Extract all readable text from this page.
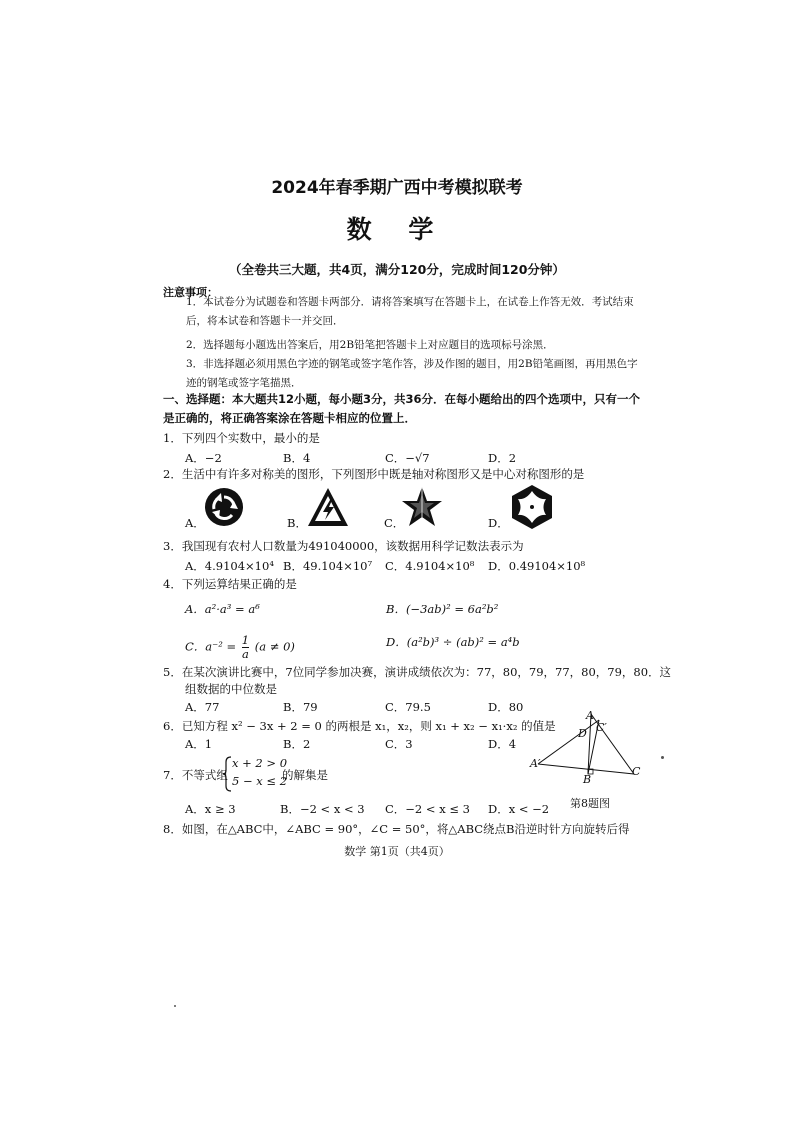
2024年春季期广西中考模拟联考
数 学
（全卷共三大题，共4页，满分120分，完成时间120分钟）
注意事项：
1．本试卷分为试题卷和答题卡两部分．请将答案填写在答题卡上，在试卷上作答无效．考试结束后，将本试卷和答题卡一并交回．
2．选择题每小题选出答案后，用2B铅笔把答题卡上对应题目的选项标号涂黑．
3．非选择题必须用黑色字迹的钢笔或签字笔作答，涉及作图的题目，用2B铅笔画图，再用黑色字迹的钢笔或签字笔描黑．
一、选择题：本大题共12小题，每小题3分，共36分．在每小题给出的四个选项中，只有一个是正确的，将正确答案涂在答题卡相应的位置上．
1．下列四个实数中，最小的是
A．−2	B．4	C．−√7	D．2
2．生活中有许多对称美的图形，下列图形中既是轴对称图形又是中心对称图形的是
A．	B．	C．	D．
3．我国现有农村人口数量为491040000，该数据用科学记数法表示为
A．4.9104×10⁴ B．49.104×10⁷ C．4.9104×10⁸ D．0.49104×10⁸
4．下列运算结果正确的是
A．a²·a³ = a⁶	B．(−3ab)² = 6a²b²
C．$a^{-2} = \frac{1}{a} (a \ne 0)$	D．(a²b)³ ÷ (ab)² = a⁴b
5．在某次演讲比赛中，7位同学参加决赛，演讲成绩依次为：77，80，79，77，80，79，80．这
组数据的中位数是
A．77	B．79	C．79.5	D．80
6．已知方程 x² − 3x + 2 = 0 的两根是 x₁，x₂，则 x₁ + x₂ − x₁·x₂ 的值是
A．1	B．2	C．3	D．4
7．不等式组
x + 2 > 0
5 − x ≤ 2
的解集是
A．x ≥ 3	B．−2 < x < 3 C．−2 < x ≤ 3 D．x < −2
8．如图，在△ABC中，∠ABC = 90°，∠C = 50°，将△ABC绕点B沿逆时针方向旋转后得
A
D C′
A′
B
C
第8题图
数学 第1页（共4页）
